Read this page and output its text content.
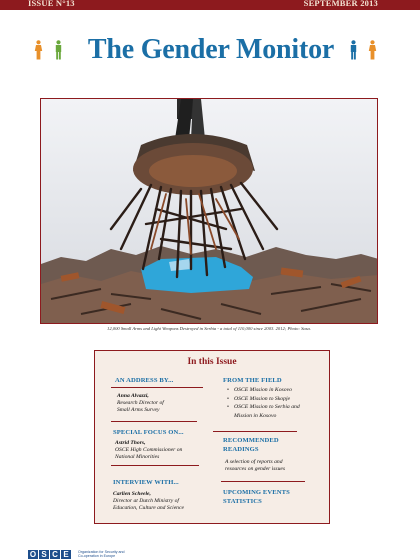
ISSUE N°13	SEPTEMBER 2013
The Gender Monitor
12,000 Small Arms and Light Weapons Destroyed in Serbia - a total of 110,000 since 2003. 2012; Photo: Sasa.
In this Issue
AN ADDRESS BY...
Anna Alvazzi,
Research Director of
Small Arms Survey
SPECIAL FOCUS ON...
Astrid Thors,
OSCE High Commissioner on
National Minorities
INTERVIEW WITH...
Carlien Scheele,
Director at Dutch Ministry of
Education, Culture and Science
FROM THE FIELD
• OSCE Mission in Kosovo
• OSCE Mission to Skopje
• OSCE Mission to Serbia and
Mission in Kosovo
RECOMMENDED
READINGS
A selection of reports and
resources on gender issues
UPCOMING EVENTS
STATISTICS
O S C E	Organization for Security and
Co-operation in Europe
